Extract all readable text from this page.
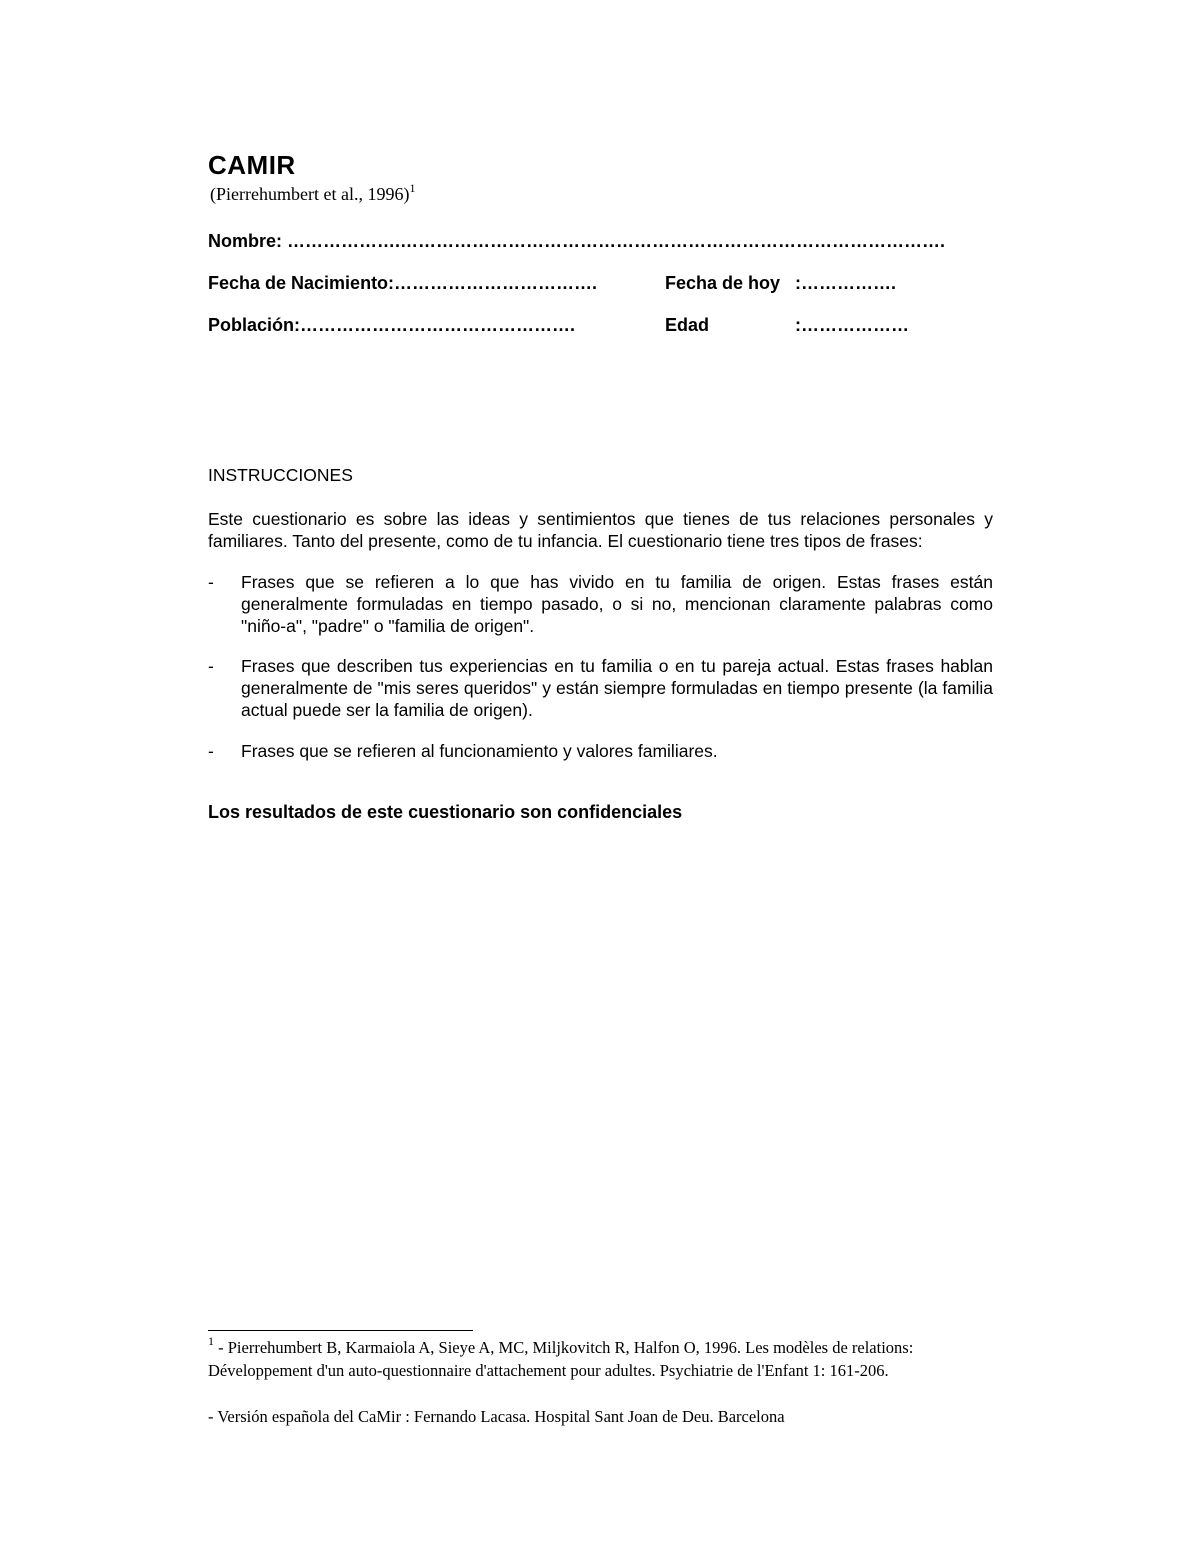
CAMIR
(Pierrehumbert et al., 1996)$^1$
Nombre: ……………….……………………………………………………………………………….
Fecha de Nacimiento:…………………………….	Fecha de hoy :…………….
Población:……………………………………….	Edad	:………………
INSTRUCCIONES
Este cuestionario es sobre las ideas y sentimientos que tienes de tus relaciones personales y familiares. Tanto del presente, como de tu infancia. El cuestionario tiene tres tipos de frases:
- Frases que se refieren a lo que has vivido en tu familia de origen. Estas frases están generalmente formuladas en tiempo pasado, o si no, mencionan claramente palabras como "niño-a", "padre" o "familia de origen".
- Frases que describen tus experiencias en tu familia o en tu pareja actual. Estas frases hablan generalmente de "mis seres queridos" y están siempre formuladas en tiempo presente (la familia actual puede ser la familia de origen).
- Frases que se refieren al funcionamiento y valores familiares.
Los resultados de este cuestionario son confidenciales
$^1$ - Pierrehumbert B, Karmaiola A, Sieye A, MC, Miljkovitch R, Halfon O, 1996. Les modèles de relations: Développement d'un auto-questionnaire d'attachement pour adultes. Psychiatrie de l'Enfant 1: 161-206.
- Versión española del CaMir : Fernando Lacasa. Hospital Sant Joan de Deu. Barcelona
